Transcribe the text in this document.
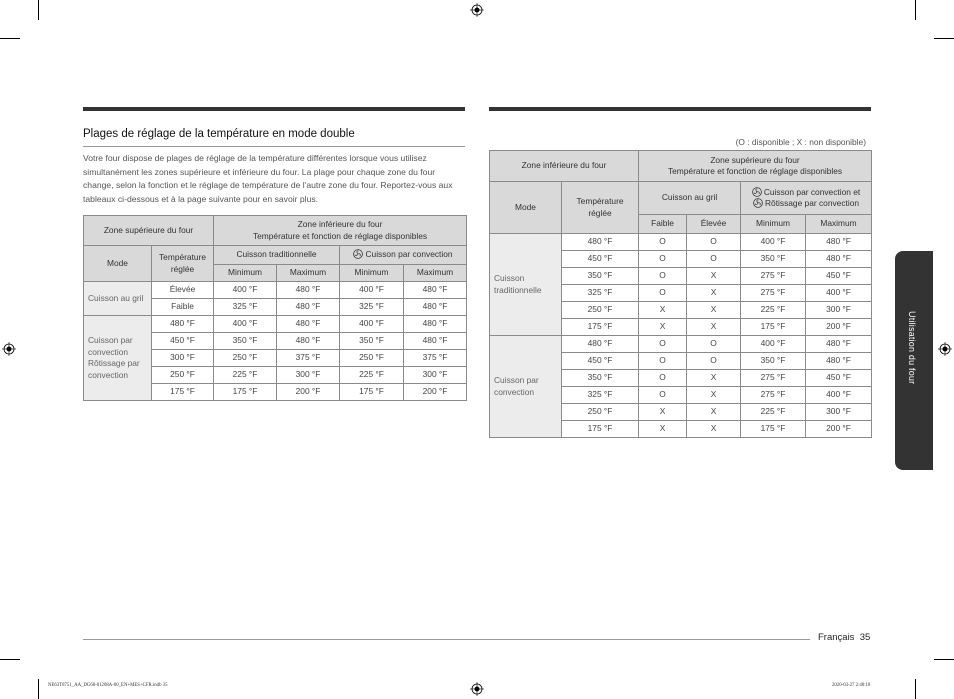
Plages de réglage de la température en mode double

Votre four dispose de plages de réglage de la température différentes lorsque vous utilisez simultanément les zones supérieure et inférieure du four. La plage pour chaque zone du four change, selon la fonction et le réglage de température de l'autre zone du four. Reportez-vous aux tableaux ci-dessous et à la page suivante pour en savoir plus.

Zone supérieure du four		Zone inférieure du four
Température et fonction de réglage disponibles			
Mode	Température réglée	Cuisson traditionnelle		Cuisson par convection	
		Minimum	Maximum	Minimum	Maximum
Cuisson au gril	Élevée	400 °F	480 °F	400 °F	480 °F
	Faible	325 °F	480 °F	325 °F	480 °F
Cuisson par convection Rôtissage par convection	480 °F	400 °F	480 °F	400 °F	480 °F
	450 °F	350 °F	480 °F	350 °F	480 °F
	300 °F	250 °F	375 °F	250 °F	375 °F
	250 °F	225 °F	300 °F	225 °F	300 °F
	175 °F	175 °F	200 °F	175 °F	200 °F
(O : disponible ; X : non disponible)
Zone inférieure du four		Zone supérieure du four
Température et fonction de réglage disponibles			
Mode	Température réglée	Cuisson au gril		Cuisson par convection et
Rôtissage par convection	
		Faible	Élevée	Minimum	Maximum
Cuisson traditionnelle	480 °F	O	O	400 °F	480 °F
	450 °F	O	O	350 °F	480 °F
	350 °F	O	X	275 °F	450 °F
	325 °F	O	X	275 °F	400 °F
	250 °F	X	X	225 °F	300 °F
	175 °F	X	X	175 °F	200 °F
Cuisson par convection	480 °F	O	O	400 °F	480 °F
	450 °F	O	O	350 °F	480 °F
	350 °F	O	X	275 °F	450 °F
	325 °F	O	X	275 °F	400 °F
	250 °F	X	X	225 °F	300 °F
	175 °F	X	X	175 °F	200 °F
Utilisation du four
Français 35
NE63T8751_AA_DG68-01208A-00_EN+MES+CFR.indb 35	2020-03-27 2:48:18
